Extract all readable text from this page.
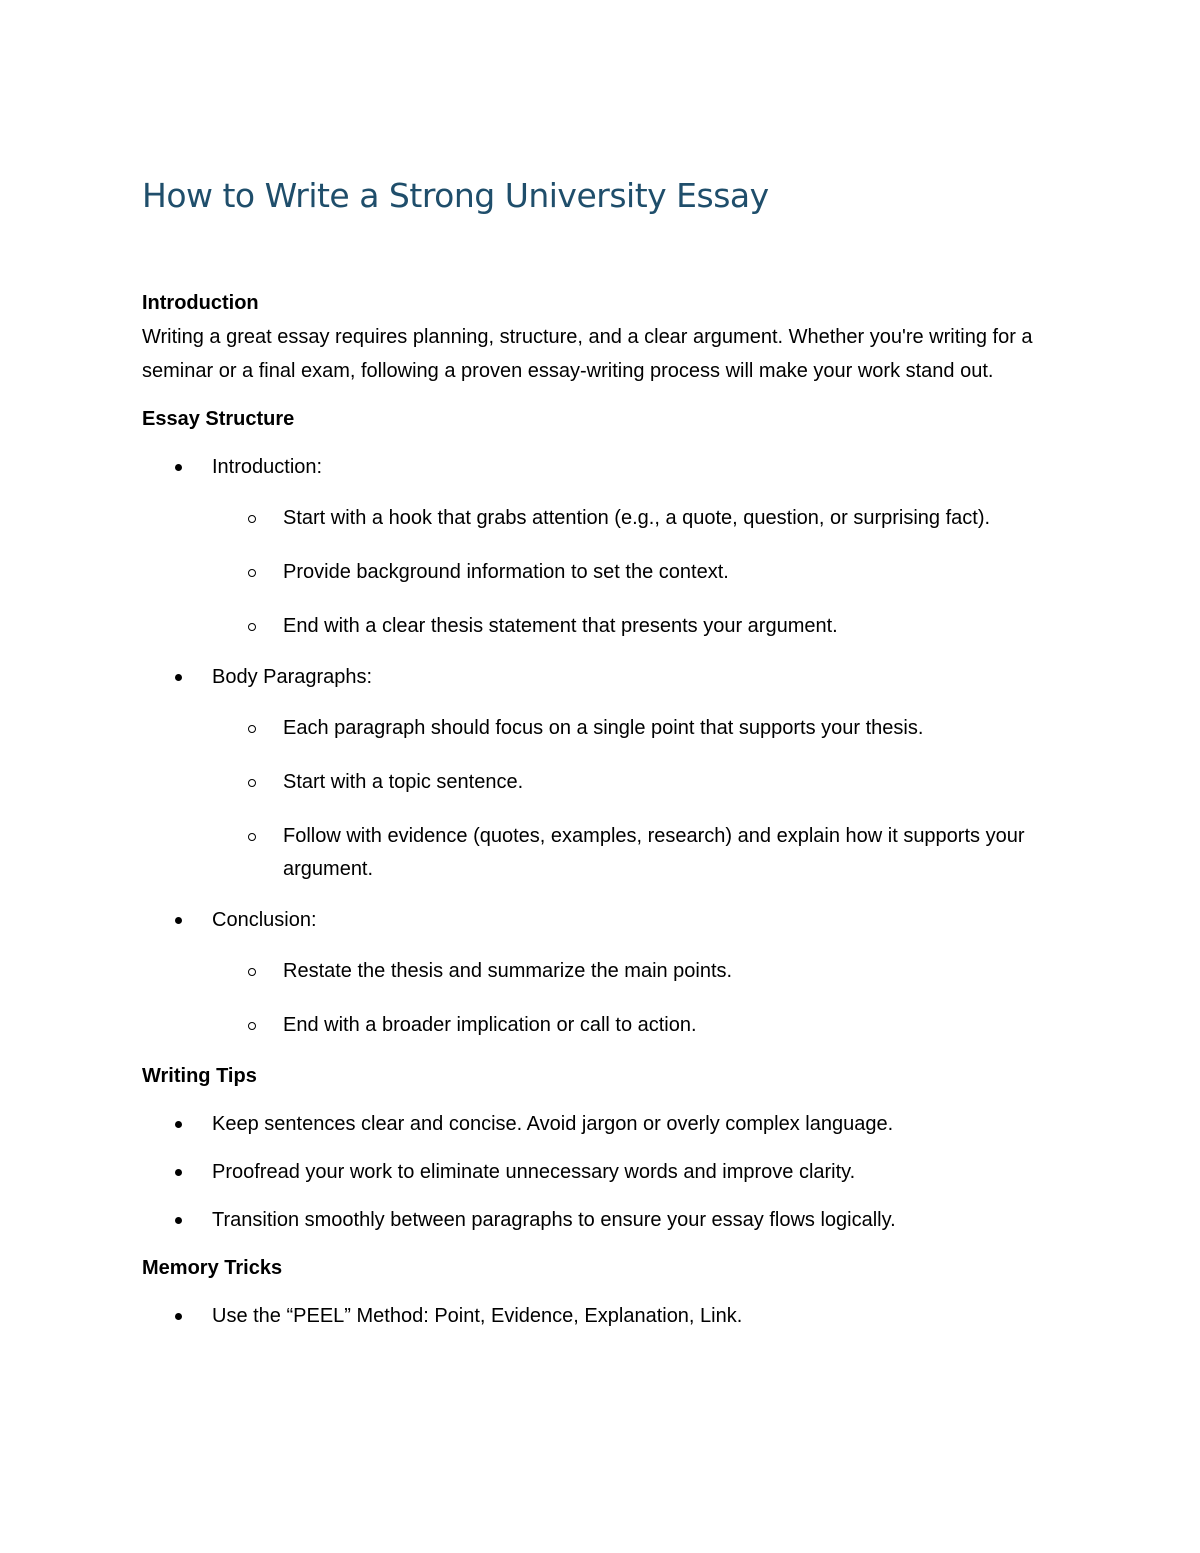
How to Write a Strong University Essay

Introduction

Writing a great essay requires planning, structure, and a clear argument. Whether you're writing for a seminar or a final exam, following a proven essay-writing process will make your work stand out.

Essay Structure

Introduction:
Start with a hook that grabs attention (e.g., a quote, question, or surprising fact).
Provide background information to set the context.
End with a clear thesis statement that presents your argument.
Body Paragraphs:
Each paragraph should focus on a single point that supports your thesis.
Start with a topic sentence.
Follow with evidence (quotes, examples, research) and explain how it supports your argument.
Conclusion:
Restate the thesis and summarize the main points.
End with a broader implication or call to action.

Writing Tips

Keep sentences clear and concise. Avoid jargon or overly complex language.
Proofread your work to eliminate unnecessary words and improve clarity.
Transition smoothly between paragraphs to ensure your essay flows logically.

Memory Tricks

Use the “PEEL” Method: Point, Evidence, Explanation, Link.
